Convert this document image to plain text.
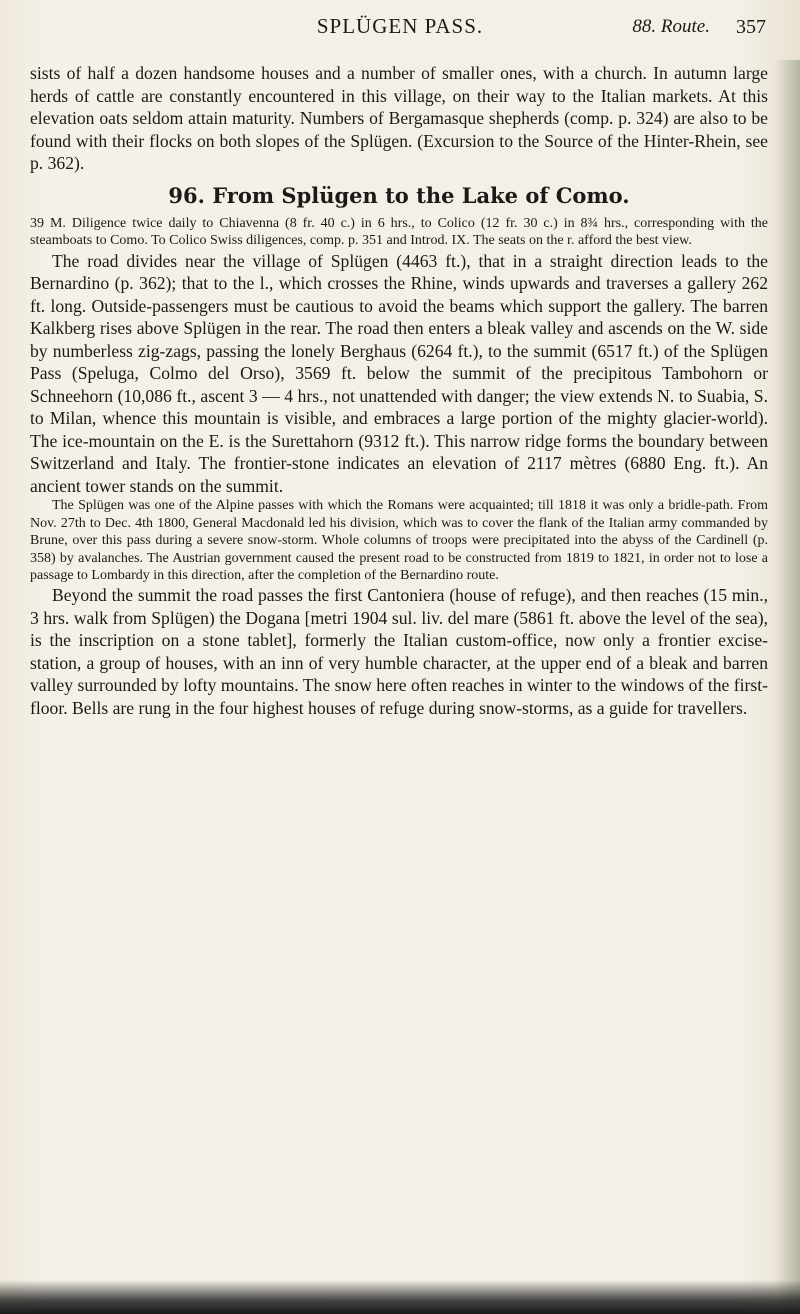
SPLÜGEN PASS.	88. Route. 357

sists of half a dozen handsome houses and a number of smaller ones, with a church. In autumn large herds of cattle are constantly encountered in this village, on their way to the Italian markets. At this elevation oats seldom attain maturity. Numbers of Bergamasque shepherds (comp. p. 324) are also to be found with their flocks on both slopes of the Splügen. (Excursion to the Source of the Hinter-Rhein, see p. 362).

96. From Splügen to the Lake of Como.

39 M. Diligence twice daily to Chiavenna (8 fr. 40 c.) in 6 hrs., to Colico (12 fr. 30 c.) in 8¾ hrs., corresponding with the steamboats to Como. To Colico Swiss diligences, comp. p. 351 and Introd. IX. The seats on the r. afford the best view.

The road divides near the village of Splügen (4463 ft.), that in a straight direction leads to the Bernardino (p. 362); that to the l., which crosses the Rhine, winds upwards and traverses a gallery 262 ft. long. Outside-passengers must be cautious to avoid the beams which support the gallery. The barren Kalkberg rises above Splügen in the rear. The road then enters a bleak valley and ascends on the W. side by numberless zig-zags, passing the lonely Berghaus (6264 ft.), to the summit (6517 ft.) of the Splügen Pass (Speluga, Colmo del Orso), 3569 ft. below the summit of the precipitous Tambohorn or Schneehorn (10,086 ft., ascent 3 — 4 hrs., not unattended with danger; the view extends N. to Suabia, S. to Milan, whence this mountain is visible, and embraces a large portion of the mighty glacier-world). The ice-mountain on the E. is the Surettahorn (9312 ft.). This narrow ridge forms the boundary between Switzerland and Italy. The frontier-stone indicates an elevation of 2117 mètres (6880 Eng. ft.). An ancient tower stands on the summit.

The Splügen was one of the Alpine passes with which the Romans were acquainted; till 1818 it was only a bridle-path. From Nov. 27th to Dec. 4th 1800, General Macdonald led his division, which was to cover the flank of the Italian army commanded by Brune, over this pass during a severe snow-storm. Whole columns of troops were precipitated into the abyss of the Cardinell (p. 358) by avalanches. The Austrian government caused the present road to be constructed from 1819 to 1821, in order not to lose a passage to Lombardy in this direction, after the completion of the Bernardino route.

Beyond the summit the road passes the first Cantoniera (house of refuge), and then reaches (15 min., 3 hrs. walk from Splügen) the Dogana [metri 1904 sul. liv. del mare (5861 ft. above the level of the sea), is the inscription on a stone tablet], formerly the Italian custom-office, now only a frontier excise-station, a group of houses, with an inn of very humble character, at the upper end of a bleak and barren valley surrounded by lofty mountains. The snow here often reaches in winter to the windows of the first-floor. Bells are rung in the four highest houses of refuge during snow-storms, as a guide for travellers.
